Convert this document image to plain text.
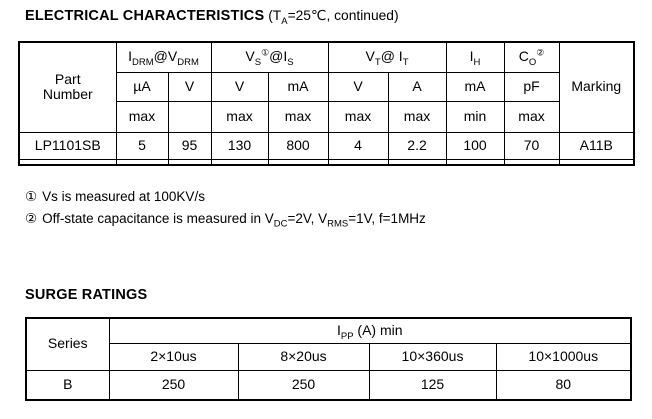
ELECTRICAL CHARACTERISTICS ($T_A=25℃$, continued)
Part
Number	$I_{DRM}@V_{DRM}$		$V_S^①@I_S$		$V_T@$ $I_T$		$I_H$	$C_O^②$	Marking
	µA	V	V	mA	V	A	mA	pF	
	max		max	max	max	max	min	max	
LP1101SB	5	95	130	800	4	2.2	100	70	A11B

① Vs is measured at 100KV/s
② Off-state capacitance is measured in $V_{DC}=2V$, $V_{RMS}=1V$, f=1MHz
SURGE RATINGS
Series	$I_{PP}$ (A) min			
	2×10us	8×20us	10×360us	10×1000us
B	250	250	125	80
